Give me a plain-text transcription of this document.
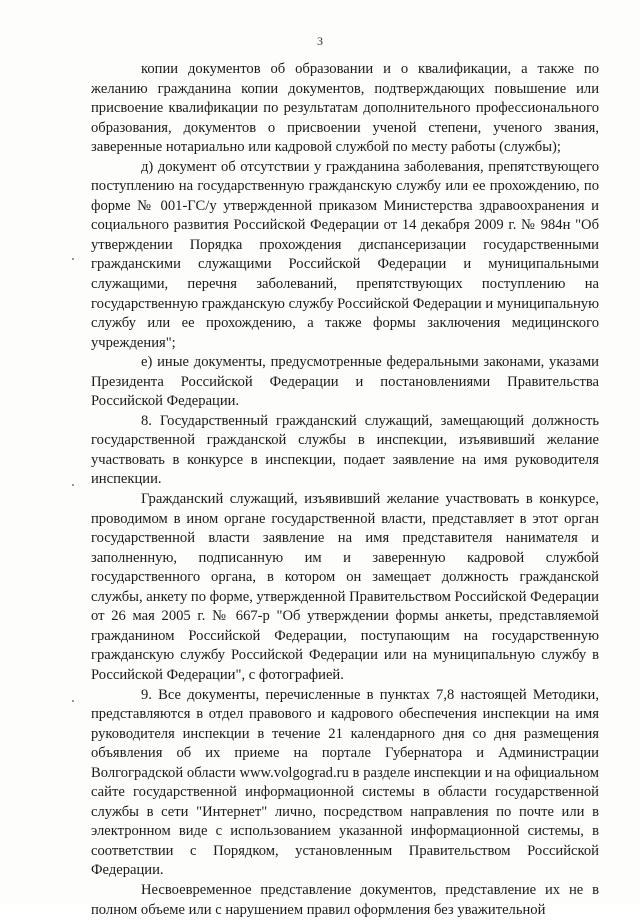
3

копии документов об образовании и о квалификации, а также по желанию гражданина копии документов, подтверждающих повышение или присвоение квалификации по результатам дополнительного профессионального образования, документов о присвоении ученой степени, ученого звания, заверенные нотариально или кадровой службой по месту работы (службы);

д) документ об отсутствии у гражданина заболевания, препятствующего поступлению на государственную гражданскую службу или ее прохождению, по форме № 001-ГС/у утвержденной приказом Министерства здравоохранения и социального развития Российской Федерации от 14 декабря 2009 г. № 984н "Об утверждении Порядка прохождения диспансеризации государственными гражданскими служащими Российской Федерации и муниципальными служащими, перечня заболеваний, препятствующих поступлению на государственную гражданскую службу Российской Федерации и муниципальную службу или ее прохождению, а также формы заключения медицинского учреждения";

е) иные документы, предусмотренные федеральными законами, указами Президента Российской Федерации и постановлениями Правительства Российской Федерации.

8. Государственный гражданский служащий, замещающий должность государственной гражданской службы в инспекции, изъявивший желание участвовать в конкурсе в инспекции, подает заявление на имя руководителя инспекции.

Гражданский служащий, изъявивший желание участвовать в конкурсе, проводимом в ином органе государственной власти, представляет в этот орган государственной власти заявление на имя представителя нанимателя и заполненную, подписанную им и заверенную кадровой службой государственного органа, в котором он замещает должность гражданской службы, анкету по форме, утвержденной Правительством Российской Федерации от 26 мая 2005 г. № 667-р "Об утверждении формы анкеты, представляемой гражданином Российской Федерации, поступающим на государственную гражданскую службу Российской Федерации или на муниципальную службу в Российской Федерации", с фотографией.

9. Все документы, перечисленные в пунктах 7,8 настоящей Методики, представляются в отдел правового и кадрового обеспечения инспекции на имя руководителя инспекции в течение 21 календарного дня со дня размещения объявления об их приеме на портале Губернатора и Администрации Волгоградской области www.volgograd.ru в разделе инспекции и на официальном сайте государственной информационной системы в области государственной службы в сети "Интернет" лично, посредством направления по почте или в электронном виде с использованием указанной информационной системы, в соответствии с Порядком, установленным Правительством Российской Федерации.

Несвоевременное представление документов, представление их не в полном объеме или с нарушением правил оформления без уважительной
